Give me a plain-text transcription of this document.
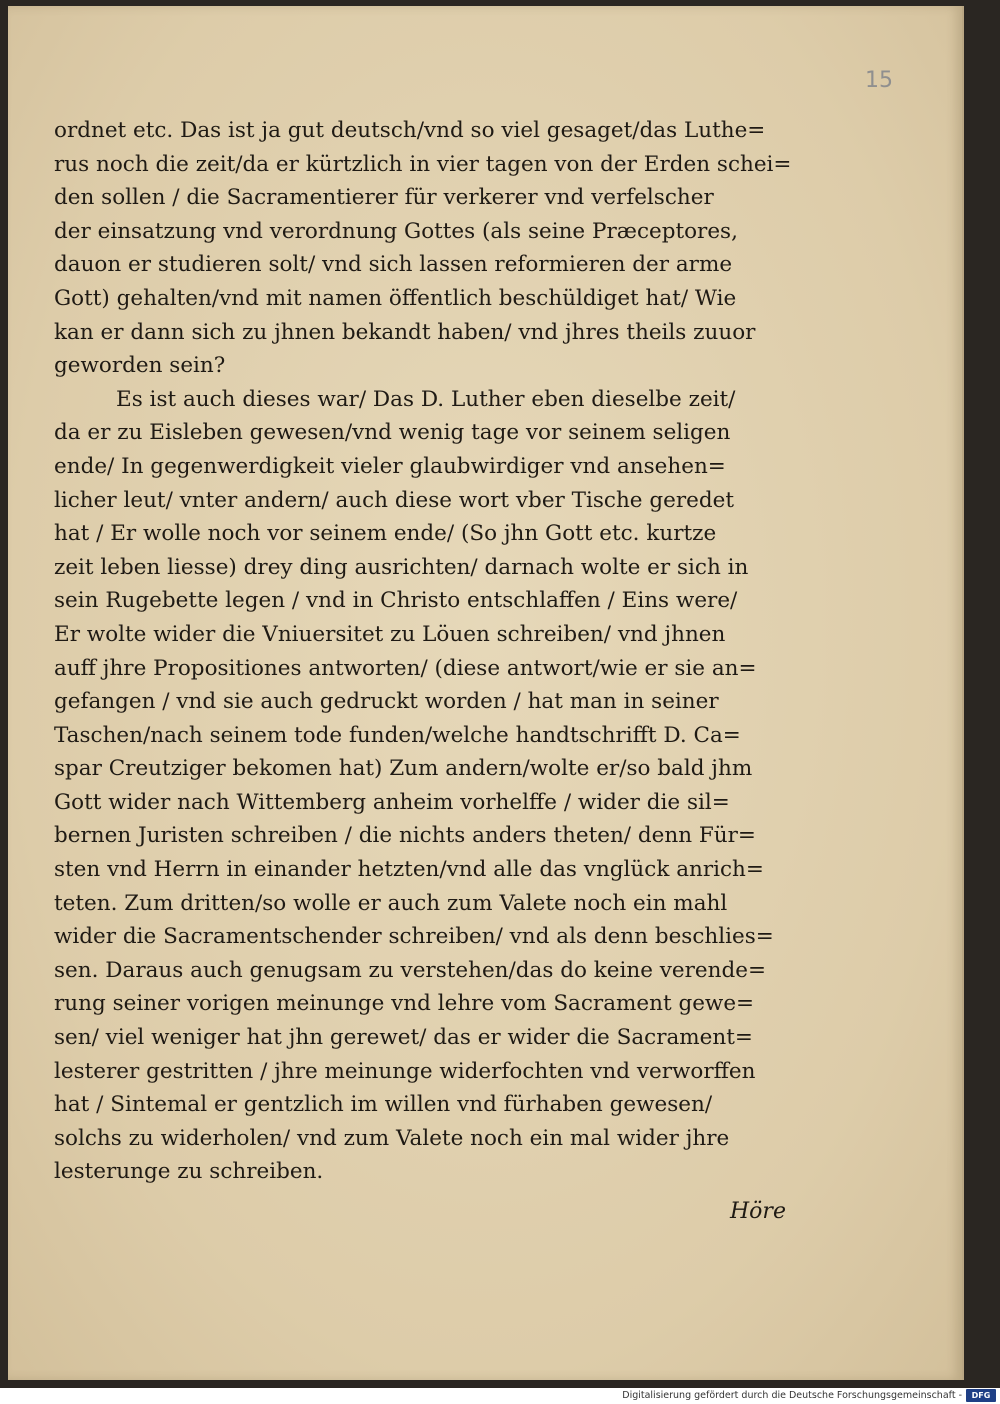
15
ordnet etc. Das ist ja gut deutsch/vnd so viel gesaget/das Luthe=
rus noch die zeit/da er kürtzlich in vier tagen von der Erden schei=
den sollen / die Sacramentierer für verkerer vnd verfelscher
der einsatzung vnd verordnung Gottes (als seine Præceptores,
dauon er studieren solt/ vnd sich lassen reformieren der arme
Gott) gehalten/vnd mit namen öffentlich beschüldiget hat/ Wie
kan er dann sich zu jhnen bekandt haben/ vnd jhres theils zuuor
geworden sein?
Es ist auch dieses war/ Das D. Luther eben dieselbe zeit/
da er zu Eisleben gewesen/vnd wenig tage vor seinem seligen
ende/ In gegenwerdigkeit vieler glaubwirdiger vnd ansehen=
licher leut/ vnter andern/ auch diese wort vber Tische geredet
hat / Er wolle noch vor seinem ende/ (So jhn Gott etc. kurtze
zeit leben liesse) drey ding ausrichten/ darnach wolte er sich in
sein Rugebette legen / vnd in Christo entschlaffen / Eins were/
Er wolte wider die Vniuersitet zu Löuen schreiben/ vnd jhnen
auff jhre Propositiones antworten/ (diese antwort/wie er sie an=
gefangen / vnd sie auch gedruckt worden / hat man in seiner
Taschen/nach seinem tode funden/welche handtschrifft D. Ca=
spar Creutziger bekomen hat) Zum andern/wolte er/so bald jhm
Gott wider nach Wittemberg anheim vorhelffe / wider die sil=
bernen Juristen schreiben / die nichts anders theten/ denn Für=
sten vnd Herrn in einander hetzten/vnd alle das vnglück anrich=
teten. Zum dritten/so wolle er auch zum Valete noch ein mahl
wider die Sacramentschender schreiben/ vnd als denn beschlies=
sen. Daraus auch genugsam zu verstehen/das do keine verende=
rung seiner vorigen meinunge vnd lehre vom Sacrament gewe=
sen/ viel weniger hat jhn gerewet/ das er wider die Sacrament=
lesterer gestritten / jhre meinunge widerfochten vnd verworffen
hat / Sintemal er gentzlich im willen vnd fürhaben gewesen/
solchs zu widerholen/ vnd zum Valete noch ein mal wider jhre
lesterunge zu schreiben.
Höre
Digitalisierung gefördert durch die Deutsche Forschungsgemeinschaft -	DFG
